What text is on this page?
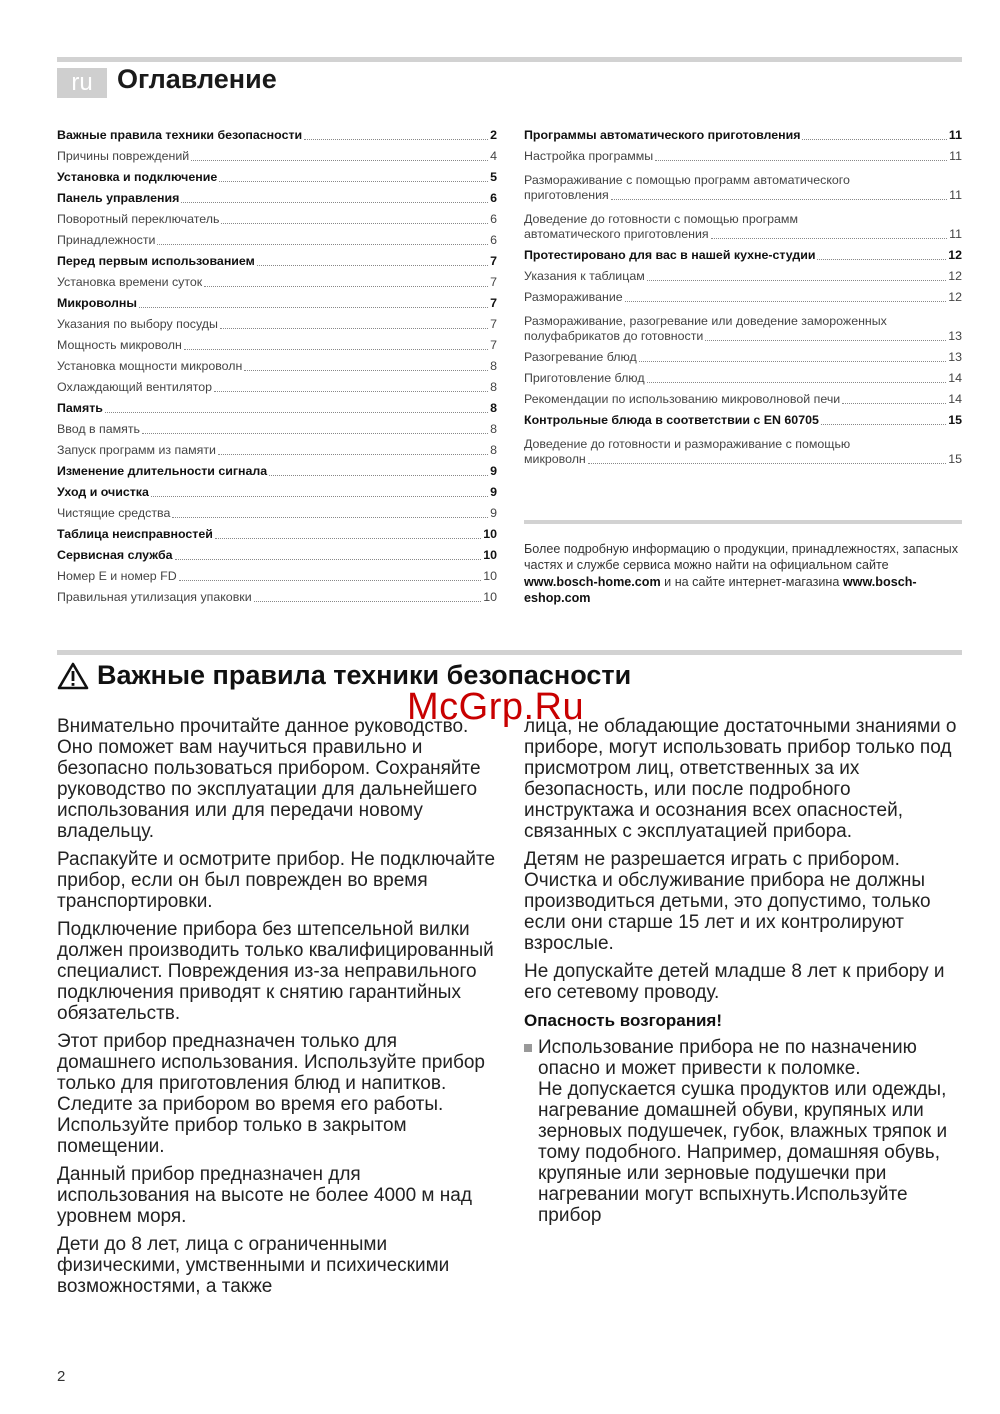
ru Оглавление
Важные правила техники безопасности	2
Причины повреждений	4
Установка и подключение	5
Панель управления	6
Поворотный переключатель	6
Принадлежности	6
Перед первым использованием	7
Установка времени суток	7
Микроволны	7
Указания по выбору посуды	7
Мощность микроволн	7
Установка мощности микроволн	8
Охлаждающий вентилятор	8
Память	8
Ввод в память	8
Запуск программ из памяти	8
Изменение длительности сигнала	9
Уход и очистка	9
Чистящие средства	9
Таблица неисправностей	10
Сервисная служба	10
Номер E и номер FD	10
Правильная утилизация упаковки	10
Программы автоматического приготовления	11
Настройка программы	11
Размораживание с помощью программ автоматического
приготовления	11
Доведение до готовности с помощью программ
автоматического приготовления	11
Протестировано для вас в нашей кухне-студии	12
Указания к таблицам	12
Размораживание	12
Размораживание, разогревание или доведение замороженных
полуфабрикатов до готовности	13
Разогревание блюд	13
Приготовление блюд	14
Рекомендации по использованию микроволновой печи	14
Контрольные блюда в соответствии с EN 60705	15
Доведение до готовности и размораживание с помощью
микроволн	15
Более подробную информацию о продукции, принадлежностях, запасных частях и службе сервиса можно найти на официальном сайте www.bosch-home.com и на сайте интернет-магазина www.bosch-eshop.com
Важные правила техники безопасности

Внимательно прочитайте данное руководство. Оно поможет вам научиться правильно и безопасно пользоваться прибором. Сохраняйте руководство по эксплуатации для дальнейшего использования или для передачи новому владельцу.

Распакуйте и осмотрите прибор. Не подключайте прибор, если он был поврежден во время транспортировки.

Подключение прибора без штепсельной вилки должен производить только квалифицированный специалист. Повреждения из-за неправильного подключения приводят к снятию гарантийных обязательств.

Этот прибор предназначен только для домашнего использования. Используйте прибор только для приготовления блюд и напитков. Следите за прибором во время его работы. Используйте прибор только в закрытом помещении.

Данный прибор предназначен для использования на высоте не более 4000 м над уровнем моря.

Дети до 8 лет, лица с ограниченными физическими, умственными и психическими возможностями, а также

лица, не обладающие достаточными знаниями о приборе, могут использовать прибор только под присмотром лиц, ответственных за их безопасность, или после подробного инструктажа и осознания всех опасностей, связанных с эксплуатацией прибора.

Детям не разрешается играть с прибором. Очистка и обслуживание прибора не должны производиться детьми, это допустимо, только если они старше 15 лет и их контролируют взрослые.

Не допускайте детей младше 8 лет к прибору и его сетевому проводу.

Опасность возгорания!
Использование прибора не по назначению опасно и может привести к поломке.
Не допускается сушка продуктов или одежды, нагревание домашней обуви, крупяных или зерновых подушечек, губок, влажных тряпок и тому подобного. Например, домашняя обувь, крупяные или зерновые подушечки при нагревании могут вспыхнуть.Используйте прибор
McGrp.Ru
2
